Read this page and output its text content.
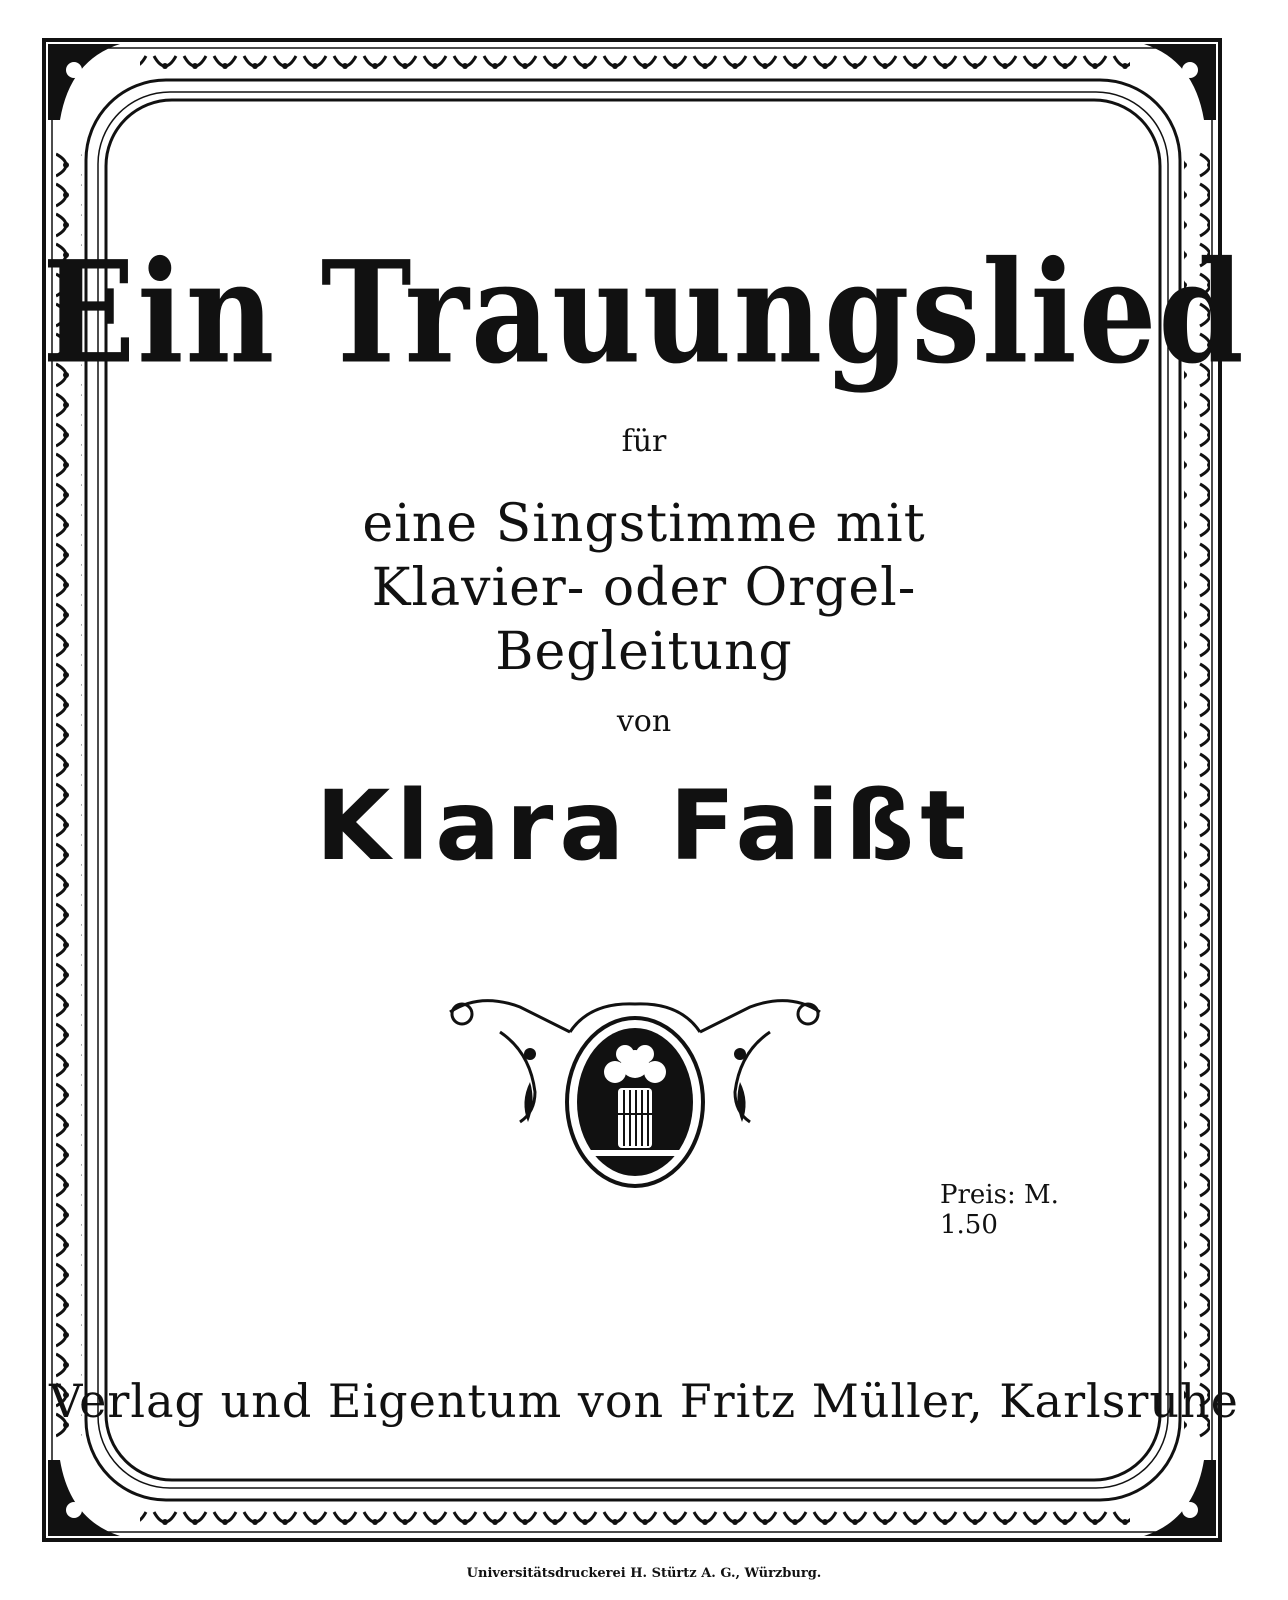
Ein Trauungslied
für
eine Singstimme mit
Klavier- oder Orgel-
Begleitung
von
Klara Faißt
Preis: M. 1.50
Verlag und Eigentum von Fritz Müller, Karlsruhe
Universitätsdruckerei H. Stürtz A. G., Würzburg.
